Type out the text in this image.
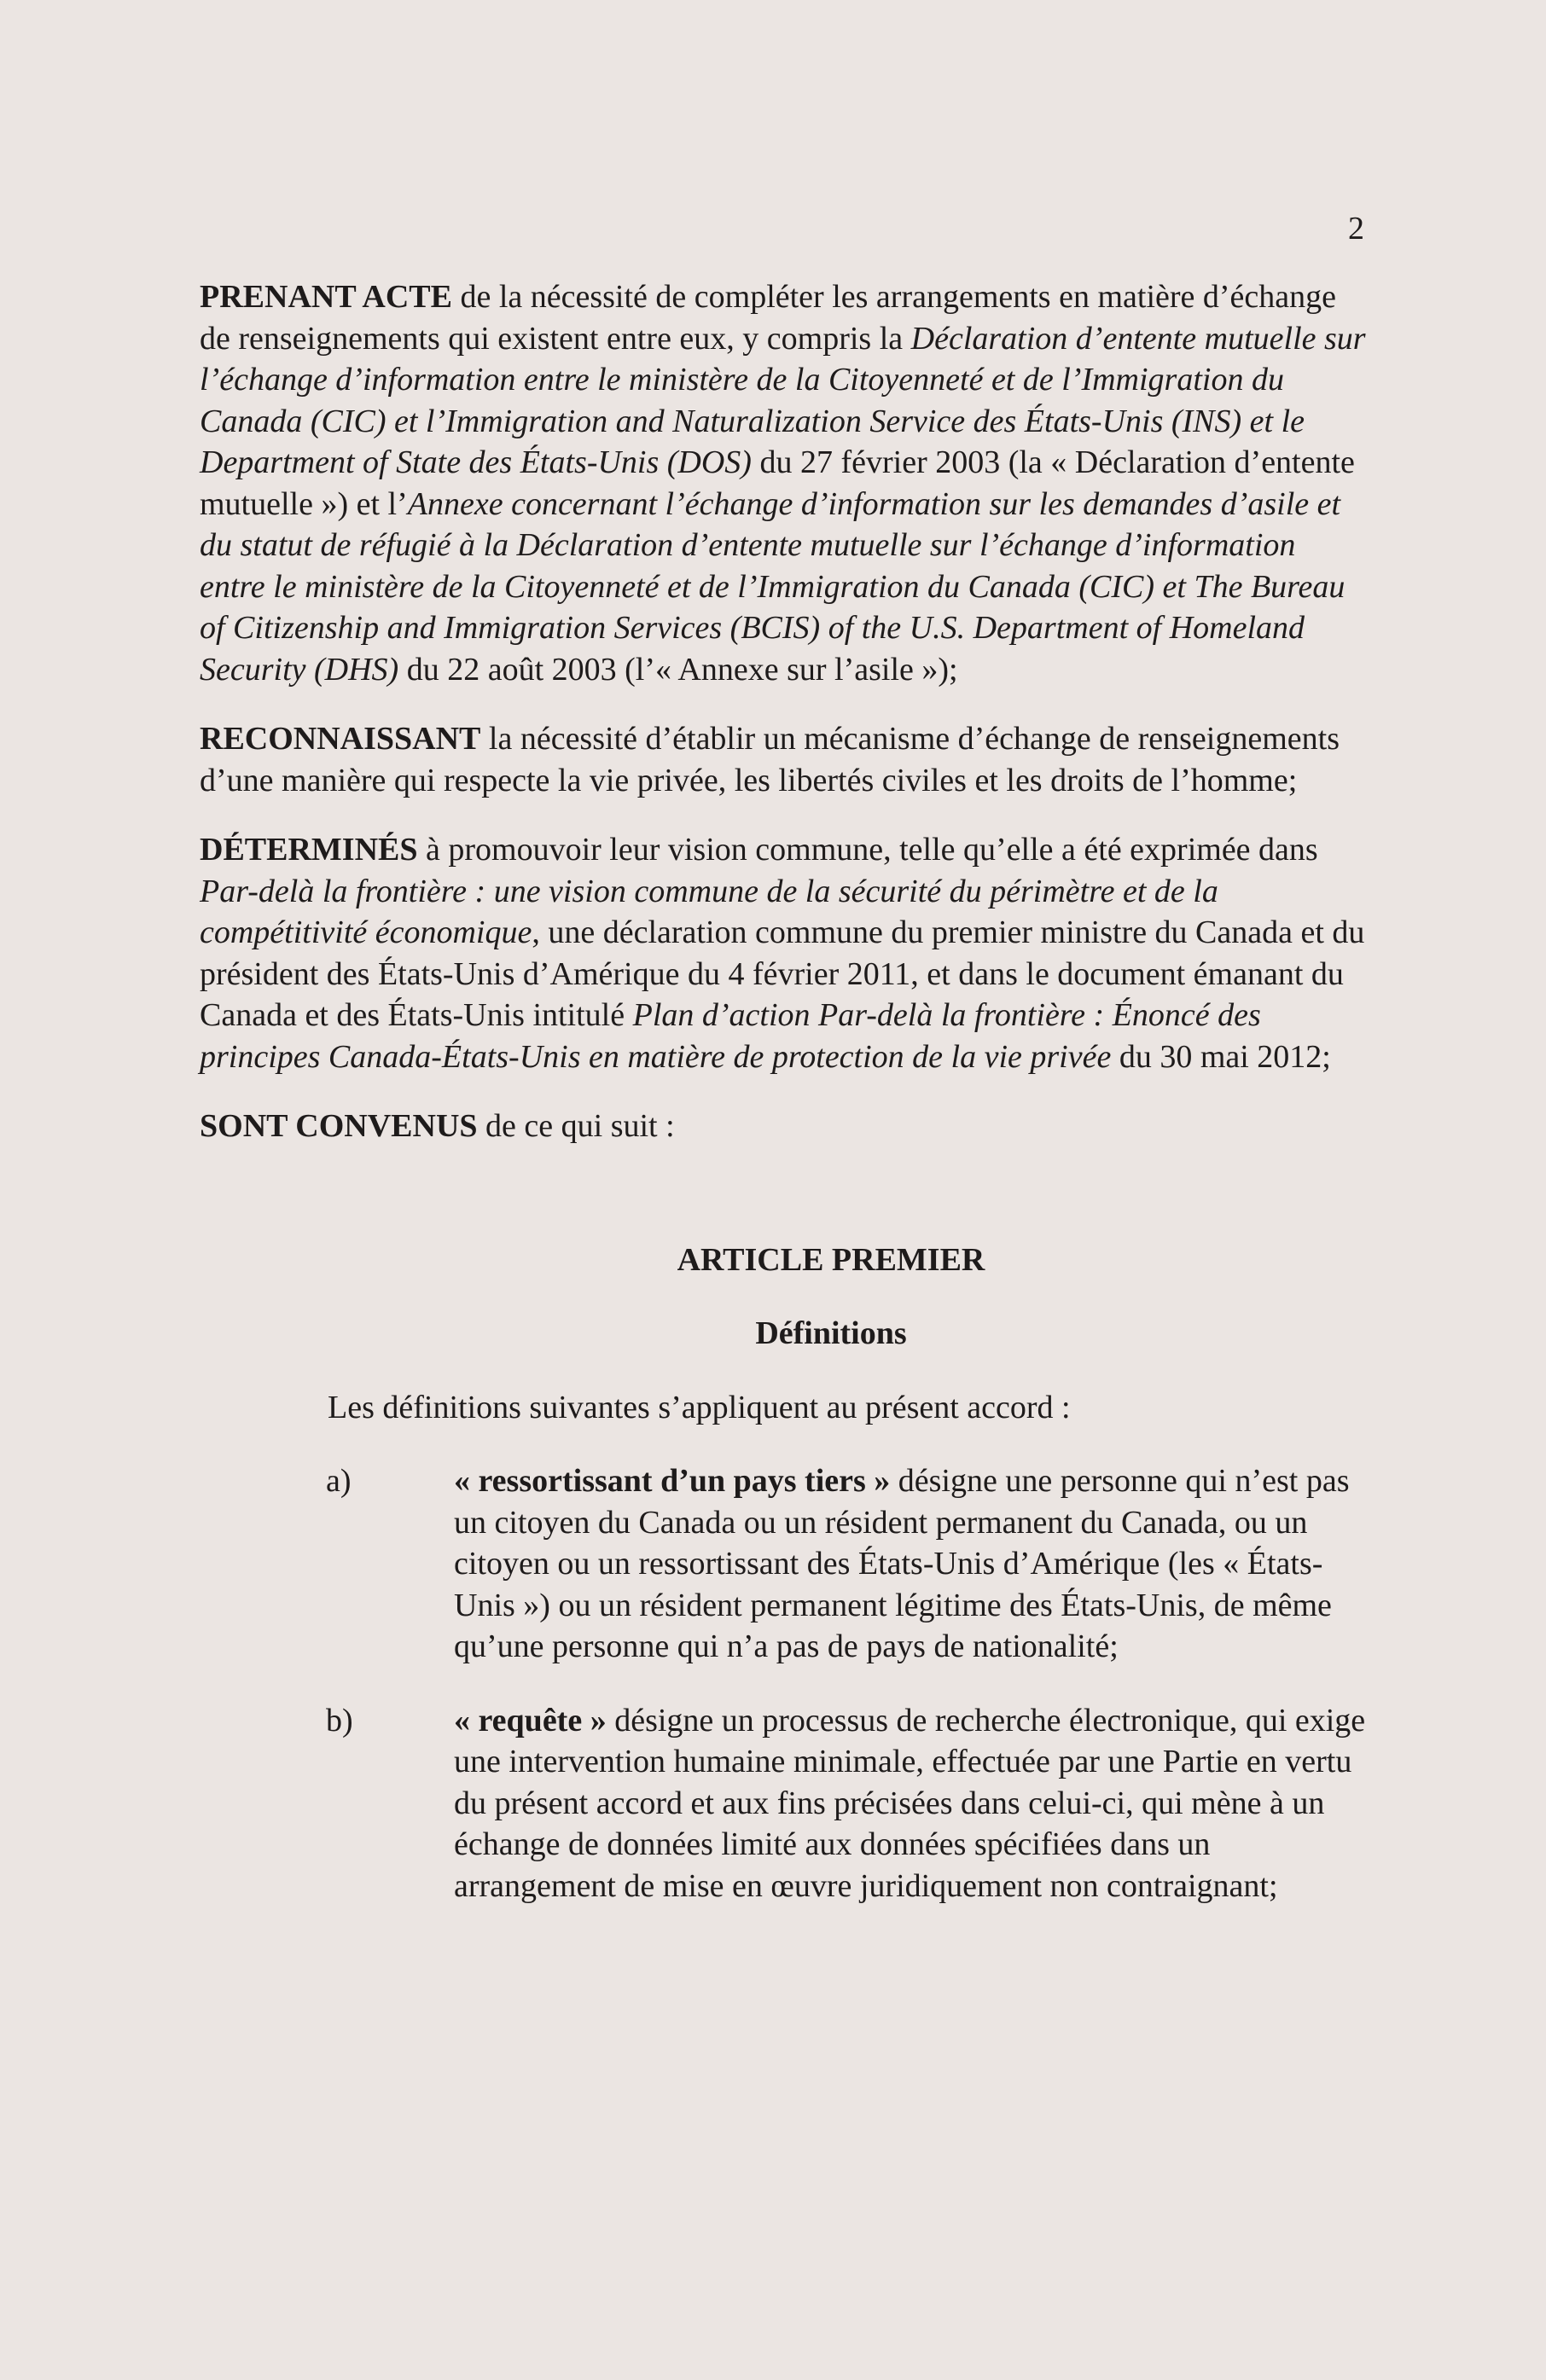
2

PRENANT ACTE de la nécessité de compléter les arrangements en matière d’échange de renseignements qui existent entre eux, y compris la Déclaration d’entente mutuelle sur l’échange d’information entre le ministère de la Citoyenneté et de l’Immigration du Canada (CIC) et l’Immigration and Naturalization Service des États-Unis (INS) et le Department of State des États-Unis (DOS) du 27 février 2003 (la « Déclaration d’entente mutuelle ») et l’Annexe concernant l’échange d’information sur les demandes d’asile et du statut de réfugié à la Déclaration d’entente mutuelle sur l’échange d’information entre le ministère de la Citoyenneté et de l’Immigration du Canada (CIC) et The Bureau of Citizenship and Immigration Services (BCIS) of the U.S. Department of Homeland Security (DHS) du 22 août 2003 (l’« Annexe sur l’asile »);

RECONNAISSANT la nécessité d’établir un mécanisme d’échange de renseignements d’une manière qui respecte la vie privée, les libertés civiles et les droits de l’homme;

DÉTERMINÉS à promouvoir leur vision commune, telle qu’elle a été exprimée dans Par-delà la frontière : une vision commune de la sécurité du périmètre et de la compétitivité économique, une déclaration commune du premier ministre du Canada et du président des États-Unis d’Amérique du 4 février 2011, et dans le document émanant du Canada et des États-Unis intitulé Plan d’action Par-delà la frontière : Énoncé des principes Canada-États-Unis en matière de protection de la vie privée du 30 mai 2012;

SONT CONVENUS de ce qui suit :

ARTICLE PREMIER
Définitions
Les définitions suivantes s’appliquent au présent accord :
a)	« ressortissant d’un pays tiers » désigne une personne qui n’est pas un citoyen du Canada ou un résident permanent du Canada, ou un citoyen ou un ressortissant des États-Unis d’Amérique (les « États-Unis ») ou un résident permanent légitime des États-Unis, de même qu’une personne qui n’a pas de pays de nationalité;
b)	« requête » désigne un processus de recherche électronique, qui exige une intervention humaine minimale, effectuée par une Partie en vertu du présent accord et aux fins précisées dans celui-ci, qui mène à un échange de données limité aux données spécifiées dans un arrangement de mise en œuvre juridiquement non contraignant;
